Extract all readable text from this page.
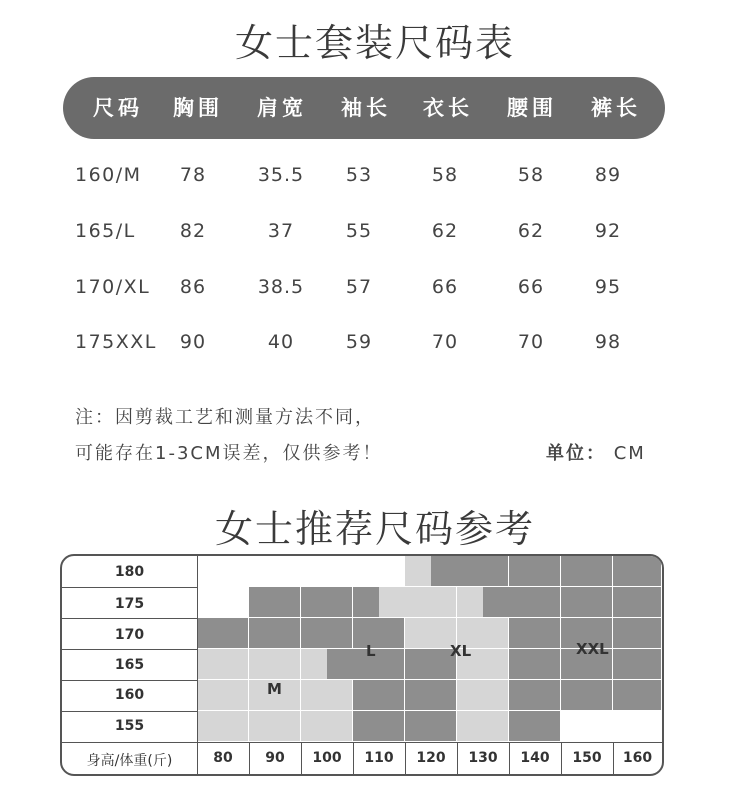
女士套装尺码表
尺码	胸围	肩宽	袖长	衣长	腰围	裤长
160/M	78	35.5	53	58	58	89
165/L	82	37	55	62	62	92
170/XL	86	38.5	57	66	66	95
175XXL	90	40	59	70	70	98
注：因剪裁工艺和测量方法不同，
可能存在1-3CM误差，仅供参考！	单位： CM
女士推荐尺码参考
180
175
170
165
160
155
身高/体重(斤)	80	90	100	110	120	130	140	150	160
M
L	XL	XXL
